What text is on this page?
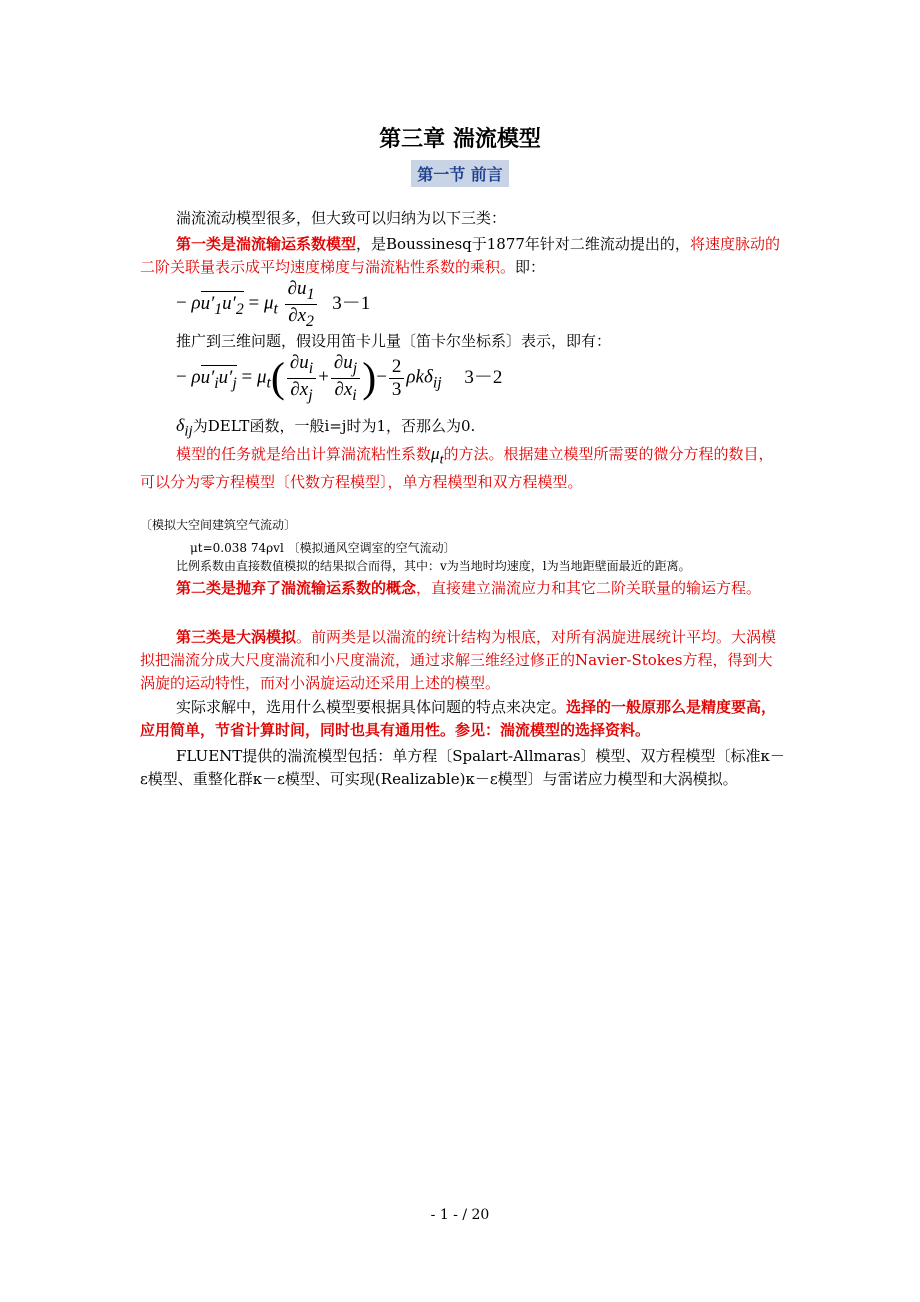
第三章 湍流模型
第一节 前言
湍流流动模型很多，但大致可以归纳为以下三类：
第一类是湍流输运系数模型，是Boussinesq于1877年针对二维流动提出的，将速度脉动的二阶关联量表示成平均速度梯度与湍流粘性系数的乘积。即：
− $\rho u'_1u'_2 = \mu_t \frac{\partial u_1}{\partial x_2} 3-1$
推广到三维问题，假设用笛卡儿量〔笛卡尔坐标系〕表示，即有：
− $\rho u'_iu'_j = \mu_t( \frac{\partial u_i}{\partial x_j} + \frac{\partial u_j}{\partial x_i}$ )− $\frac{2}{3} \rho k\delta_{ij}$ 3－2
$\delta_{ij}$为DELT函数，一般i=j时为1，否那么为0.
模型的任务就是给出计算湍流粘性系数$\mu_t$的方法。根据建立模型所需要的微分方程的数目，可以分为零方程模型〔代数方程模型〕，单方程模型和双方程模型。
〔模拟大空间建筑空气流动〕
μt=0.038 74ρvl 〔模拟通风空调室的空气流动〕
比例系数由直接数值模拟的结果拟合而得，其中：v为当地时均速度，l为当地距壁面最近的距离。
第二类是抛弃了湍流输运系数的概念，直接建立湍流应力和其它二阶关联量的输运方程。
第三类是大涡模拟。前两类是以湍流的统计结构为根底，对所有涡旋进展统计平均。大涡模拟把湍流分成大尺度湍流和小尺度湍流，通过求解三维经过修正的Navier-Stokes方程，得到大涡旋的运动特性，而对小涡旋运动还采用上述的模型。
实际求解中，选用什么模型要根据具体问题的特点来决定。选择的一般原那么是精度要高，应用简单，节省计算时间，同时也具有通用性。参见：湍流模型的选择资料。
FLUENT提供的湍流模型包括：单方程〔Spalart-Allmaras〕模型、双方程模型〔标准κ－ε模型、重整化群κ－ε模型、可实现(Realizable)κ－ε模型〕与雷诺应力模型和大涡模拟。
- 1 - / 20
